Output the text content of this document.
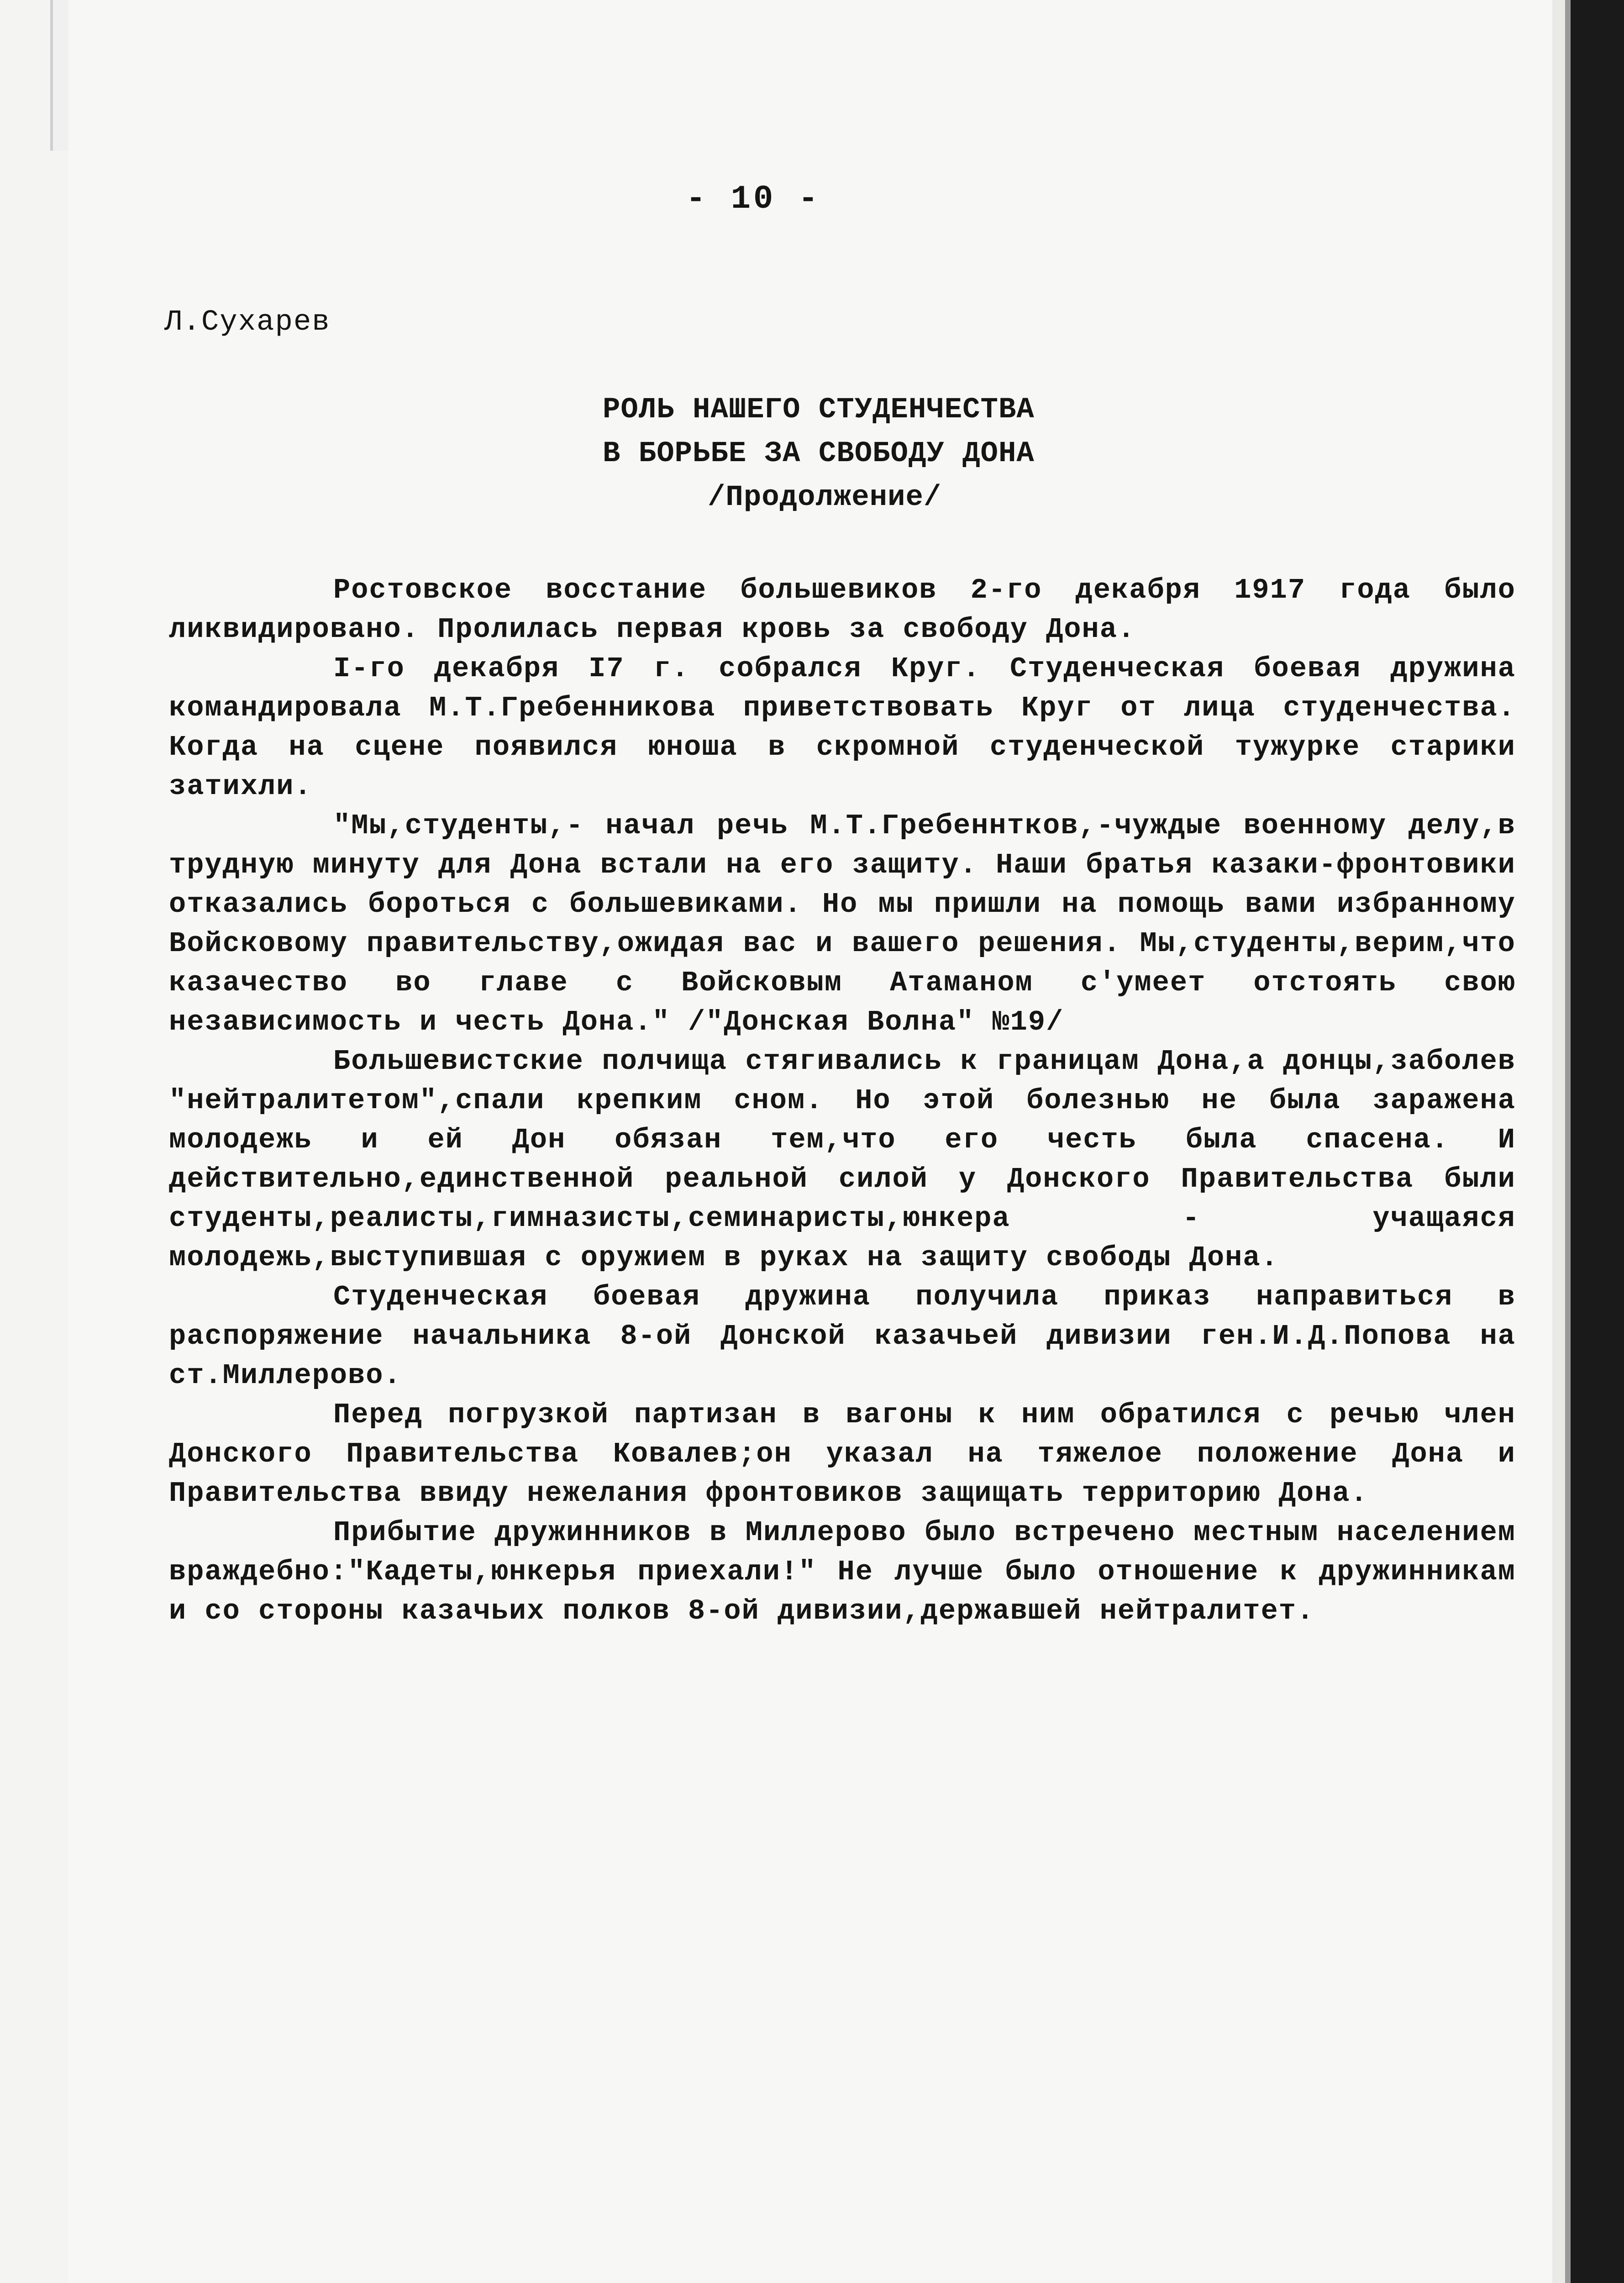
- 10 -
Л.Сухарев
РОЛЬ НАШЕГО СТУДЕНЧЕСТВА
В БОРЬБЕ ЗА СВОБОДУ ДОНА
/Продолжение/

Ростовское восстание большевиков 2-го декабря 1917 года было ликвидировано. Пролилась первая кровь за свободу Дона.

I-го декабря I7 г. собрался Круг. Студенческая боевая дружина командировала М.Т.Гребенникова приветствовать Круг от лица студенчества. Когда на сцене появился юноша в скромной студенческой тужурке старики затихли.

"Мы,студенты,- начал речь М.Т.Гребеннтков,-чуждые военному делу,в трудную минуту для Дона встали на его защиту. Наши братья казаки-фронтовики отказались бороться с большевиками. Но мы пришли на помощь вами избранному Войсковому правительству,ожидая вас и вашего решения. Мы,студенты,верим,что казачество во главе с Войсковым Атаманом с'умеет отстоять свою независимость и честь Дона." /"Донская Волна" №19/

Большевистские полчища стягивались к границам Дона,а донцы,заболев "нейтралитетом",спали крепким сном. Но этой болезнью не была заражена молодежь и ей Дон обязан тем,что его честь была спасена. И действительно,единственной реальной силой у Донского Правительства были студенты,реалисты,гимназисты,семинаристы,юнкера - учащаяся молодежь,выступившая с оружием в руках на защиту свободы Дона.

Студенческая боевая дружина получила приказ направиться в распоряжение начальника 8-ой Донской казачьей дивизии ген.И.Д.Попова на ст.Миллерово.

Перед погрузкой партизан в вагоны к ним обратился с речью член Донского Правительства Ковалев;он указал на тяжелое положение Дона и Правительства ввиду нежелания фронтовиков защищать территорию Дона.

Прибытие дружинников в Миллерово было встречено местным населением враждебно:"Кадеты,юнкерья приехали!" Не лучше было отношение к дружинникам и со стороны казачьих полков 8-ой дивизии,державшей нейтралитет.
